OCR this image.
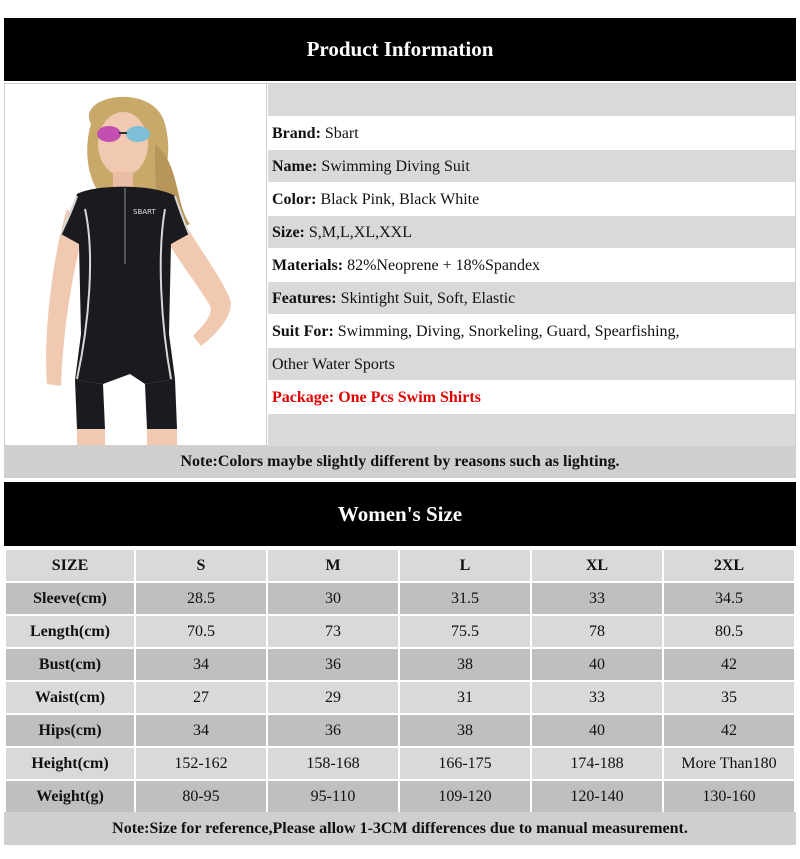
Product Information
SBART
Brand: Sbart
Name: Swimming Diving Suit
Color: Black Pink, Black White
Size: S,M,L,XL,XXL
Materials: 82%Neoprene + 18%Spandex
Features: Skintight Suit, Soft, Elastic
Suit For: Swimming, Diving, Snorkeling, Guard, Spearfishing,
Other Water Sports
Package: One Pcs Swim Shirts
Note:Colors maybe slightly different by reasons such as lighting.
Women's Size
SIZE	S	M	L	XL	2XL
Sleeve(cm)	28.5	30	31.5	33	34.5
Length(cm)	70.5	73	75.5	78	80.5
Bust(cm)	34	36	38	40	42
Waist(cm)	27	29	31	33	35
Hips(cm)	34	36	38	40	42
Height(cm)	152-162	158-168	166-175	174-188	More Than180
Weight(g)	80-95	95-110	109-120	120-140	130-160
Note:Size for reference,Please allow 1-3CM differences due to manual measurement.
